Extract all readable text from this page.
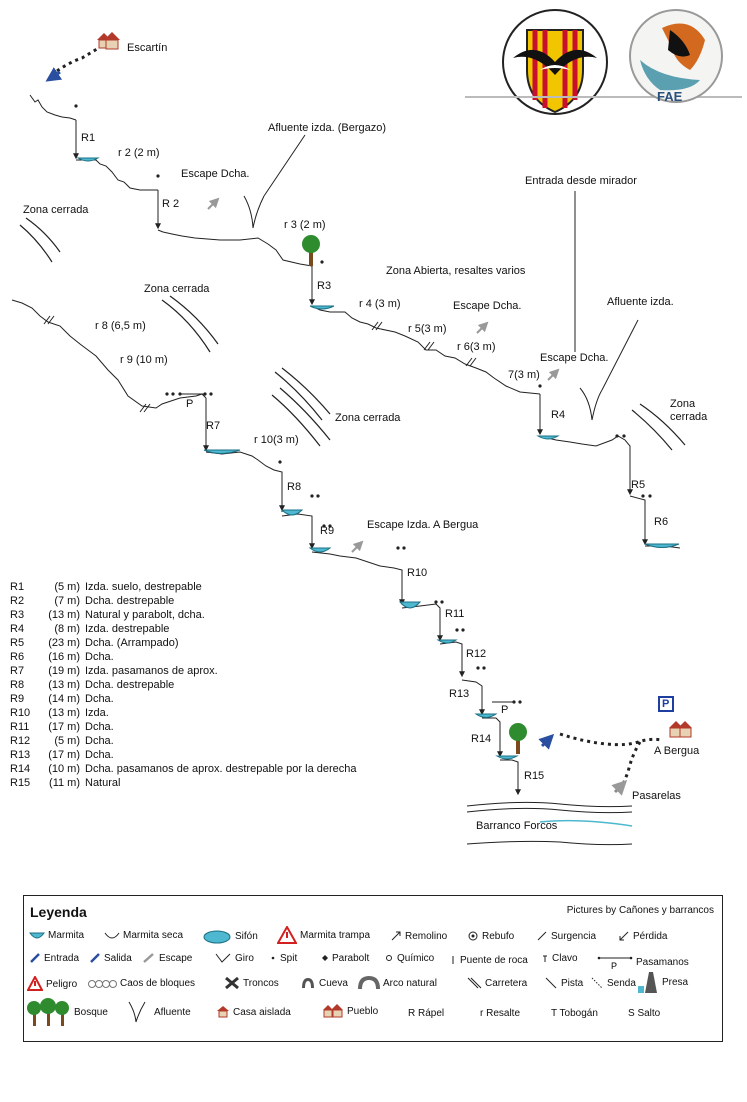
Escartín
FAE
R1
r 2 (2 m)
R 2
Afluente izda. (Bergazo)
Escape Dcha.
Zona cerrada
r 3 (2 m)
Entrada desde mirador
Zona Abierta, resaltes varios
R3
Zona cerrada
Escape Dcha.	Afluente izda.
r 4 (3 m)
r 8 (6,5 m)	r 5(3 m)
r 6(3 m)
Escape Dcha.
r 9 (10 m)
7(3 m)
P	Zona
cerrada
R4
Zona cerrada
R7
r 10(3 m)
R5
R8
R6
Escape Izda. A Bergua
R9
R10
R11
R12
R13
P	P
R14
A Bergua
R15
Pasarelas
Barranco Forcos
R1	(5 m) Izda. suelo, destrepable
R2	(7 m) Dcha. destrepable
R3	(13 m) Natural y parabolt, dcha.
R4	(8 m) Izda. destrepable
R5	(23 m) Dcha. (Arrampado)
R6	(16 m) Dcha.
R7	(19 m) Izda. pasamanos de aprox.
R8	(13 m) Dcha. destrepable
R9	(14 m) Dcha.
R10	(13 m) Izda.
R11	(17 m) Dcha.
R12	(5 m) Dcha.
R13	(17 m) Dcha.
R14	(10 m) Dcha. pasamanos de aprox. destrepable por la derecha
R15	(11 m) Natural
Leyenda	Pictures by Cañones y barrancos
Marmita	Marmita seca	Sifón	Marmita trampa	Remolino	Rebufo	Surgencia	Pérdida
Entrada Salida	Escape	Giro	Spit	Parabolt	Químico	Puente de roca Clavo
P Pasamanos
Peligro	Caos de bloques	Troncos	Cueva	Arco natural	Carretera	Pista Senda	Presa
Bosque	Afluente	Casa aislada	Pueblo	R Rápel	r Resalte	T Tobogán	S Salto
